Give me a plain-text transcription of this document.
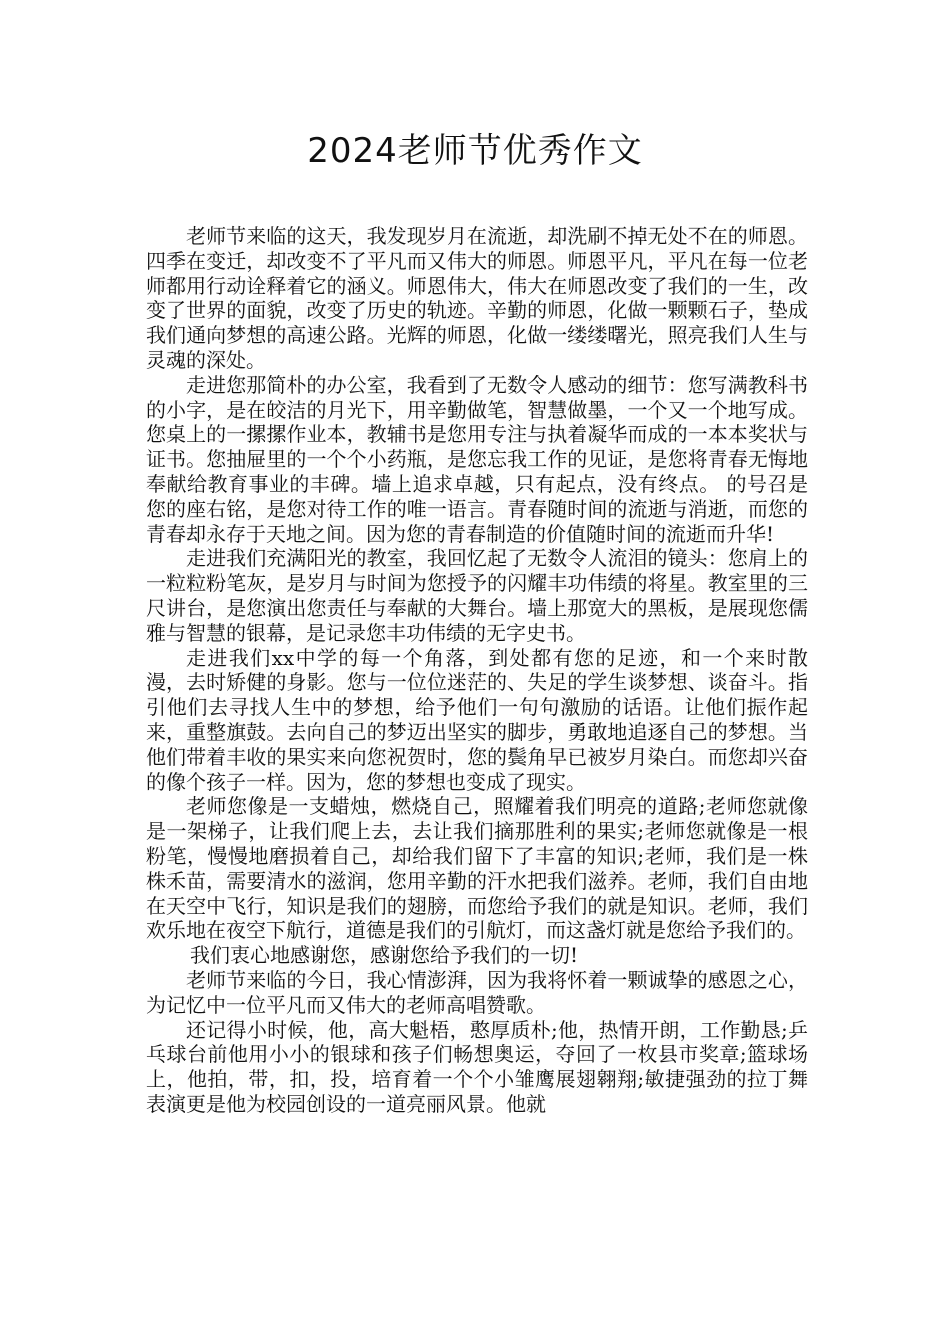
2024老师节优秀作文

老师节来临的这天，我发现岁月在流逝，却洗刷不掉无处不在的师恩。四季在变迁，却改变不了平凡而又伟大的师恩。师恩平凡，平凡在每一位老师都用行动诠释着它的涵义。师恩伟大，伟大在师恩改变了我们的一生，改变了世界的面貌，改变了历史的轨迹。辛勤的师恩，化做一颗颗石子，垫成我们通向梦想的高速公路。光辉的师恩，化做一缕缕曙光，照亮我们人生与灵魂的深处。

走进您那简朴的办公室，我看到了无数令人感动的细节：您写满教科书的小字，是在皎洁的月光下，用辛勤做笔，智慧做墨，一个又一个地写成。您桌上的一摞摞作业本，教辅书是您用专注与执着凝华而成的一本本奖状与证书。您抽屉里的一个个小药瓶，是您忘我工作的见证，是您将青春无悔地奉献给教育事业的丰碑。墙上追求卓越，只有起点，没有终点。 的号召是您的座右铭，是您对待工作的唯一语言。青春随时间的流逝与消逝，而您的青春却永存于天地之间。因为您的青春制造的价值随时间的流逝而升华!

走进我们充满阳光的教室，我回忆起了无数令人流泪的镜头：您肩上的一粒粒粉笔灰，是岁月与时间为您授予的闪耀丰功伟绩的将星。教室里的三尺讲台，是您演出您责任与奉献的大舞台。墙上那宽大的黑板，是展现您儒雅与智慧的银幕，是记录您丰功伟绩的无字史书。

走进我们xx中学的每一个角落，到处都有您的足迹，和一个来时散漫，去时矫健的身影。您与一位位迷茫的、失足的学生谈梦想、谈奋斗。指引他们去寻找人生中的梦想，给予他们一句句激励的话语。让他们振作起来，重整旗鼓。去向自己的梦迈出坚实的脚步，勇敢地追逐自己的梦想。当他们带着丰收的果实来向您祝贺时，您的鬓角早已被岁月染白。而您却兴奋的像个孩子一样。因为，您的梦想也变成了现实。

老师您像是一支蜡烛，燃烧自己，照耀着我们明亮的道路;老师您就像是一架梯子，让我们爬上去，去让我们摘那胜利的果实;老师您就像是一根粉笔，慢慢地磨损着自己，却给我们留下了丰富的知识;老师，我们是一株株禾苗，需要清水的滋润，您用辛勤的汗水把我们滋养。老师，我们自由地在天空中飞行，知识是我们的翅膀，而您给予我们的就是知识。老师，我们欢乐地在夜空下航行，道德是我们的引航灯，而这盏灯就是您给予我们的。

我们衷心地感谢您，感谢您给予我们的一切!

老师节来临的今日，我心情澎湃，因为我将怀着一颗诚挚的感恩之心，为记忆中一位平凡而又伟大的老师高唱赞歌。

还记得小时候，他，高大魁梧，憨厚质朴;他，热情开朗，工作勤恳;乒乓球台前他用小小的银球和孩子们畅想奥运，夺回了一枚县市奖章;篮球场上，他拍，带，扣，投，培育着一个个小雏鹰展翅翱翔;敏捷强劲的拉丁舞表演更是他为校园创设的一道亮丽风景。他就
